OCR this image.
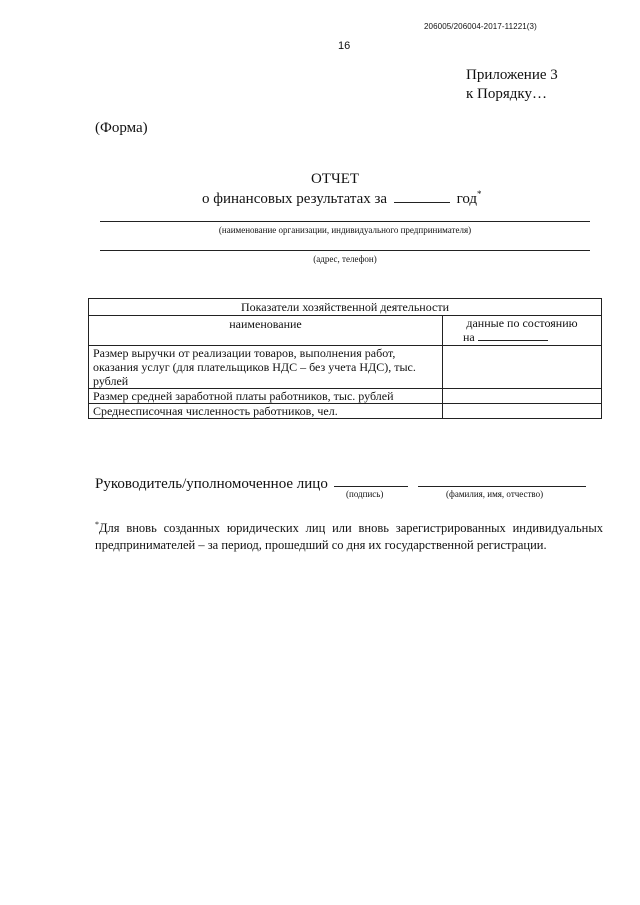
206005/206004-2017-11221(3)
16
Приложение 3
к Порядку…
(Форма)
ОТЧЕТ
о финансовых результатах за	год*
(наименование организации, индивидуального предпринимателя)
(адрес, телефон)
Показатели хозяйственной деятельности	
наименование	данные по состоянию
на

Размер выручки от реализации товаров, выполнения работ, оказания услуг (для плательщиков НДС – без учета НДС), тыс. рублей	
Размер средней заработной платы работников, тыс. рублей	
Среднесписочная численность работников, чел.	
Руководитель/уполномоченное лицо
(подпись)	(фамилия, имя, отчество)
*Для вновь созданных юридических лиц или вновь зарегистрированных индивидуальных предпринимателей – за период, прошедший со дня их государственной регистрации.
